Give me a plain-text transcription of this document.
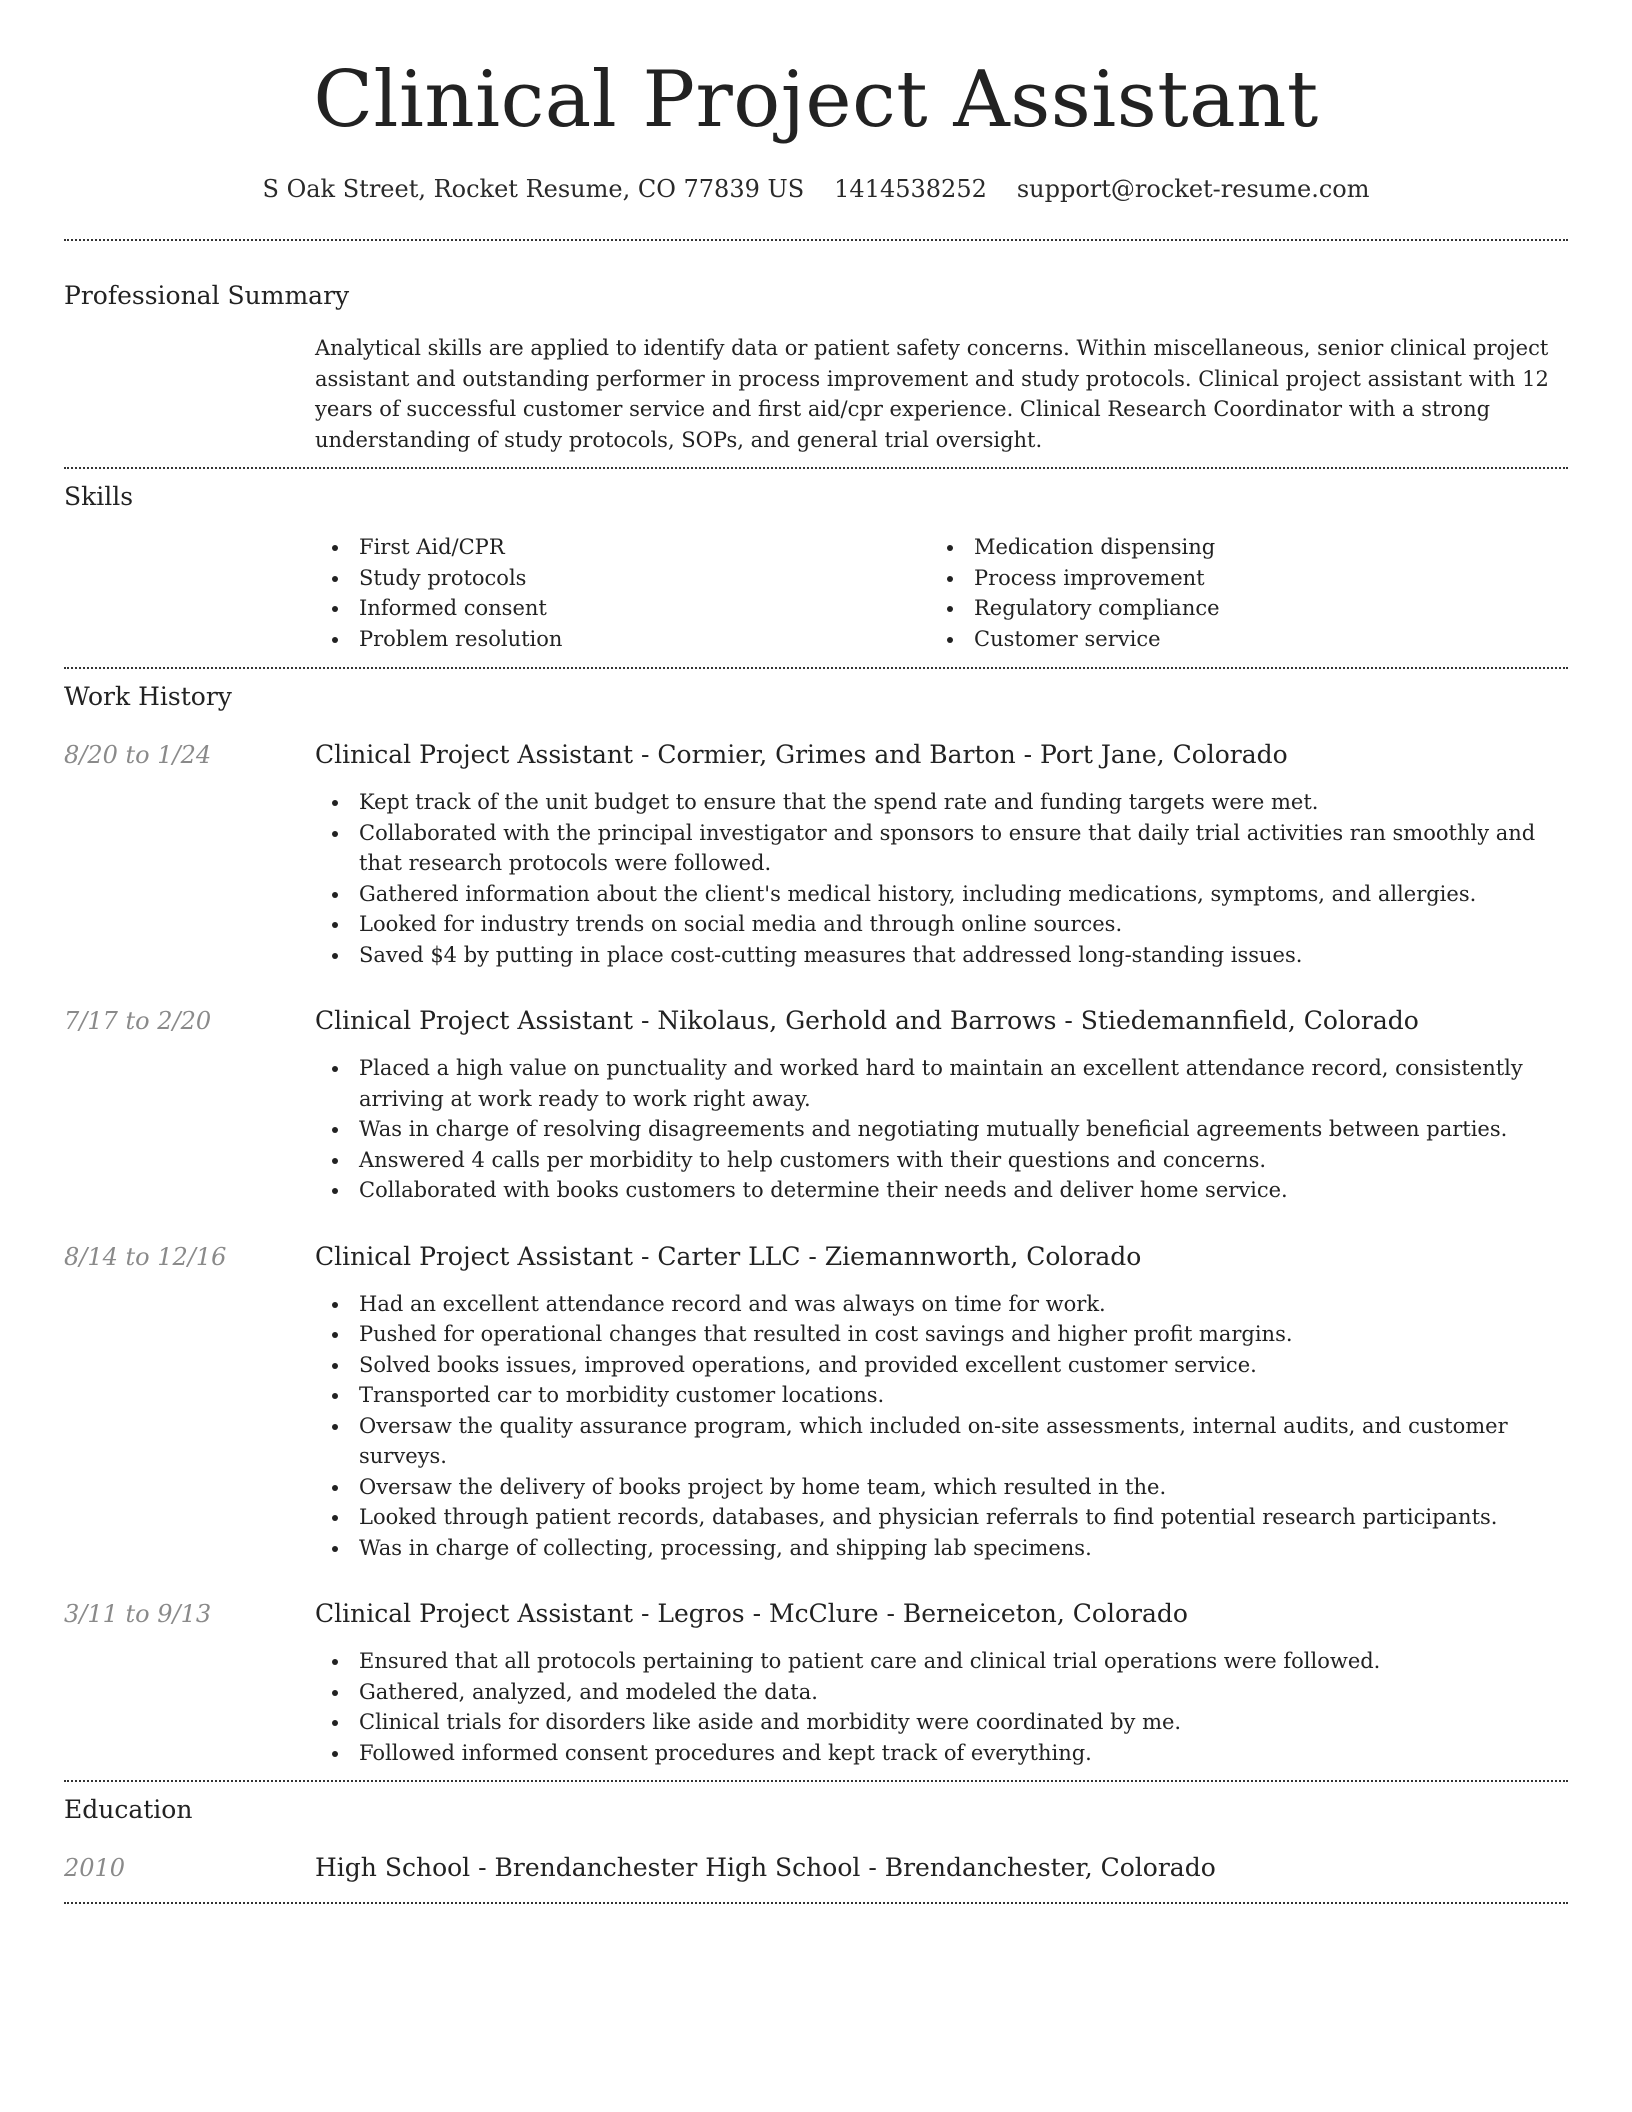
Clinical Project Assistant
S Oak Street, Rocket Resume, CO 77839 US 1414538252 support@rocket-resume.com
Professional Summary
Analytical skills are applied to identify data or patient safety concerns. Within miscellaneous, senior clinical project assistant and outstanding performer in process improvement and study protocols. Clinical project assistant with 12 years of successful customer service and first aid/cpr experience. Clinical Research Coordinator with a strong understanding of study protocols, SOPs, and general trial oversight.
Skills
First Aid/CPR
Study protocols
Informed consent
Problem resolution
Medication dispensing
Process improvement
Regulatory compliance
Customer service
Work History
8/20 to 1/24	Clinical Project Assistant - Cormier, Grimes and Barton - Port Jane, Colorado
Kept track of the unit budget to ensure that the spend rate and funding targets were met.
Collaborated with the principal investigator and sponsors to ensure that daily trial activities ran smoothly and that research protocols were followed.
Gathered information about the client's medical history, including medications, symptoms, and allergies.
Looked for industry trends on social media and through online sources.
Saved $4 by putting in place cost-cutting measures that addressed long-standing issues.
7/17 to 2/20	Clinical Project Assistant - Nikolaus, Gerhold and Barrows - Stiedemannfield, Colorado
Placed a high value on punctuality and worked hard to maintain an excellent attendance record, consistently arriving at work ready to work right away.
Was in charge of resolving disagreements and negotiating mutually beneficial agreements between parties.
Answered 4 calls per morbidity to help customers with their questions and concerns.
Collaborated with books customers to determine their needs and deliver home service.
8/14 to 12/16	Clinical Project Assistant - Carter LLC - Ziemannworth, Colorado
Had an excellent attendance record and was always on time for work.
Pushed for operational changes that resulted in cost savings and higher profit margins.
Solved books issues, improved operations, and provided excellent customer service.
Transported car to morbidity customer locations.
Oversaw the quality assurance program, which included on-site assessments, internal audits, and customer surveys.
Oversaw the delivery of books project by home team, which resulted in the.
Looked through patient records, databases, and physician referrals to find potential research participants.
Was in charge of collecting, processing, and shipping lab specimens.
3/11 to 9/13	Clinical Project Assistant - Legros - McClure - Berneiceton, Colorado
Ensured that all protocols pertaining to patient care and clinical trial operations were followed.
Gathered, analyzed, and modeled the data.
Clinical trials for disorders like aside and morbidity were coordinated by me.
Followed informed consent procedures and kept track of everything.
Education
2010	High School - Brendanchester High School - Brendanchester, Colorado
